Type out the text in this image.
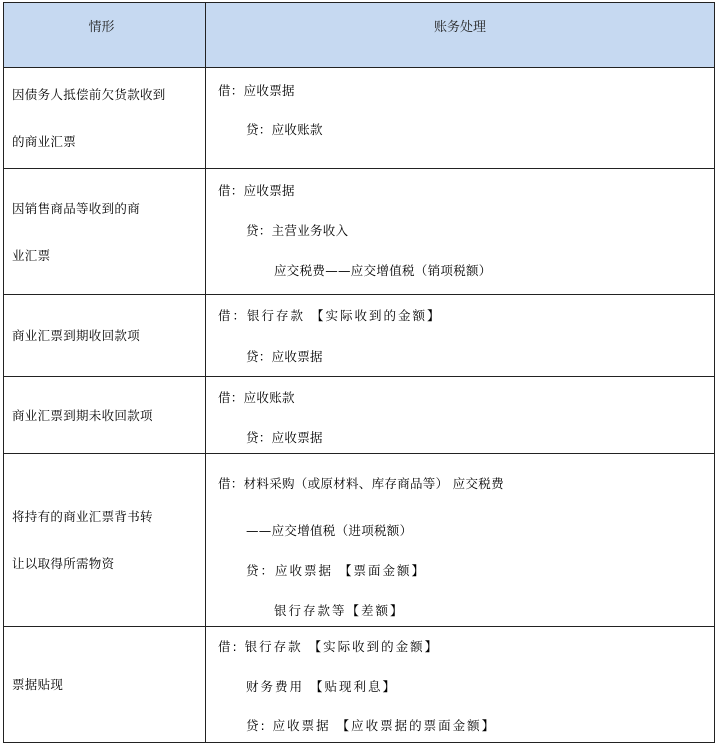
情形	账务处理
因债务人抵偿前欠货款收到
的商业汇票
借：应收票据
贷：应收账款
因销售商品等收到的商
业汇票
借：应收票据
贷：主营业务收入
应交税费——应交增值税（销项税额）
商业汇票到期收回款项
借：银行存款 【实际收到的金额】
贷：应收票据
商业汇票到期未收回款项
借：应收账款
贷：应收票据
将持有的商业汇票背书转
让以取得所需物资
借：材料采购（或原材料、库存商品等） 应交税费
——应交增值税（进项税额）
贷：应收票据 【票面金额】
银行存款等【差额】
票据贴现
借: 银行存款 【实际收到的金额】
财务费用 【贴现利息】
贷: 应收票据 【应收票据的票面金额】
